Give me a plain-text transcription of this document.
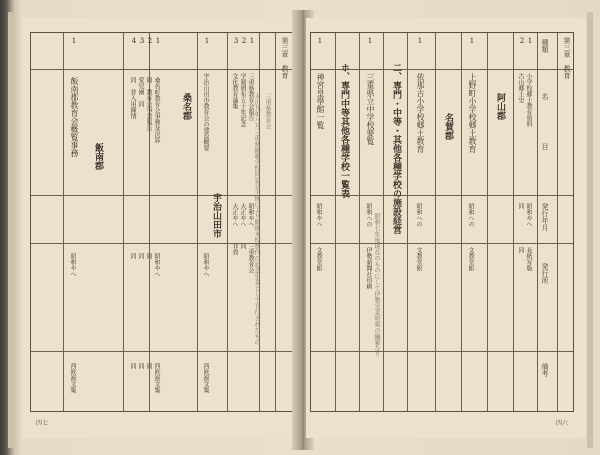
飯南郡
1
飯南郡教育会概覧事務
昭和やへ
西欧渡文集
桑名郡
4 3 2 1
同　並入用陳情 愛児園　同 同　教育会事業報告 桑名町教育会事務及決算
同 同 同 昭和やへ
西欧渡文集
同
同
同
宇治山田市
1
宇治山田市教育会の建設概要
昭和やへ
西欧渡文集
3 2 1
文化教育論集 学制頒布五十年記念 三重県教育会報告
大正やへ 大正やへ 昭和やへ
非賣 同 三重教育会 大正九年八月三重県師範学校同窓会主催により開催本校歴代の記念事業として刊行されたもの 三重県教育会
第三章　教育
四七
1
神宮皇學館一覧
昭和やへ
文教堂館
ホ、専門中等其他各種学校一覧表
1
三重県立中学校要覧
昭和への
伊勢新聞社印刷 昭和七年度現在のものにして伊勢実業時報の編纂なり
二、専門・中等・其他各種学校の施設経営
1
依那古小学校郷土教育
昭和への
文教堂館
名賀郡
1
上野町小学校郷土教育
昭和への
文教堂館
阿山郡
2 1
古山郷土史 小学校郷土教育資料
同 昭和やへ
同 長紙写版
種類
名
目
発行年月
発行所
備考
第三章　教育
四六
